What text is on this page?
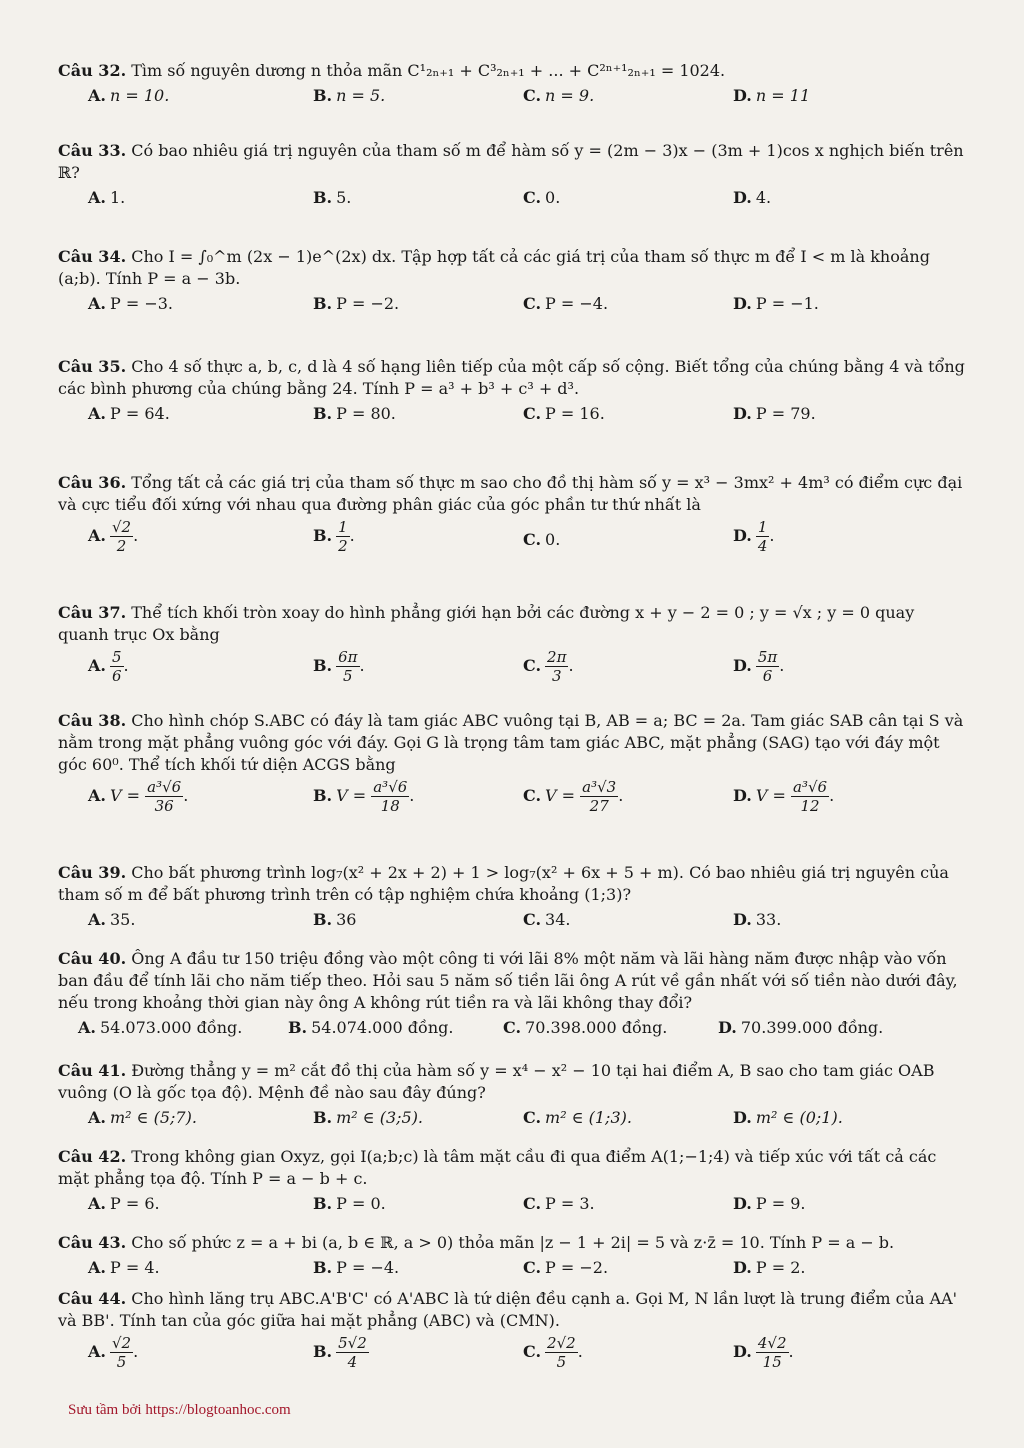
Câu 32. Tìm số nguyên dương n thỏa mãn C¹₂ₙ₊₁ + C³₂ₙ₊₁ + ... + C²ⁿ⁺¹₂ₙ₊₁ = 1024.
A. n = 10.	B. n = 5.	C. n = 9.	D. n = 11
Câu 33. Có bao nhiêu giá trị nguyên của tham số m để hàm số y = (2m − 3)x − (3m + 1)cos x nghịch biến trên ℝ?
A. 1.	B. 5.	C. 0.	D. 4.
Câu 34. Cho I = ∫₀^m (2x − 1)e^(2x) dx. Tập hợp tất cả các giá trị của tham số thực m để I < m là khoảng (a;b). Tính P = a − 3b.
A. P = −3.	B. P = −2.	C. P = −4.	D. P = −1.
Câu 35. Cho 4 số thực a, b, c, d là 4 số hạng liên tiếp của một cấp số cộng. Biết tổng của chúng bằng 4 và tổng các bình phương của chúng bằng 24. Tính P = a³ + b³ + c³ + d³.
A. P = 64.	B. P = 80.	C. P = 16.	D. P = 79.
Câu 36. Tổng tất cả các giá trị của tham số thực m sao cho đồ thị hàm số y = x³ − 3mx² + 4m³ có điểm cực đại và cực tiểu đối xứng với nhau qua đường phân giác của góc phần tư thứ nhất là
A. $\frac{√2}{2}$ .	B. $\frac{1}{2}$ .	C. 0.	D. $\frac{1}{4}$ .
Câu 37. Thể tích khối tròn xoay do hình phẳng giới hạn bởi các đường x + y − 2 = 0 ; y = √x ; y = 0 quay quanh trục Ox bằng
A. $\frac{5}{6}$ .	B. $\frac{6\pi}{5}$ .	C. $\frac{2\pi}{3}$ .	D. $\frac{5\pi}{6}$ .
Câu 38. Cho hình chóp S.ABC có đáy là tam giác ABC vuông tại B, AB = a; BC = 2a. Tam giác SAB cân tại S và nằm trong mặt phẳng vuông góc với đáy. Gọi G là trọng tâm tam giác ABC, mặt phẳng (SAG) tạo với đáy một góc 60⁰. Thể tích khối tứ diện ACGS bằng
A. $V = \frac{\text{a³√6}}{36}$ .	B. $V = \frac{\text{a³√6}}{18}$ .	C. $V = \frac{\text{a³√3}}{27}$ .	D. $V = \frac{\text{a³√6}}{12}$ .
Câu 39. Cho bất phương trình log₇(x² + 2x + 2) + 1 > log₇(x² + 6x + 5 + m). Có bao nhiêu giá trị nguyên của tham số m để bất phương trình trên có tập nghiệm chứa khoảng (1;3)?
A. 35.	B. 36	C. 34.	D. 33.
Câu 40. Ông A đầu tư 150 triệu đồng vào một công ti với lãi 8% một năm và lãi hàng năm được nhập vào vốn ban đầu để tính lãi cho năm tiếp theo. Hỏi sau 5 năm số tiền lãi ông A rút về gần nhất với số tiền nào dưới đây, nếu trong khoảng thời gian này ông A không rút tiền ra và lãi không thay đổi?
A. 54.073.000 đồng.	B. 54.074.000 đồng.	C. 70.398.000 đồng.	D. 70.399.000 đồng.
Câu 41. Đường thẳng y = m² cắt đồ thị của hàm số y = x⁴ − x² − 10 tại hai điểm A, B sao cho tam giác OAB vuông (O là gốc tọa độ). Mệnh đề nào sau đây đúng?
A. m² ∈ (5;7).	B. m² ∈ (3;5).	C. m² ∈ (1;3).	D. m² ∈ (0;1).
Câu 42. Trong không gian Oxyz, gọi I(a;b;c) là tâm mặt cầu đi qua điểm A(1;−1;4) và tiếp xúc với tất cả các mặt phẳng tọa độ. Tính P = a − b + c.
A. P = 6.	B. P = 0.	C. P = 3.	D. P = 9.
Câu 43. Cho số phức z = a + bi (a, b ∈ ℝ, a > 0) thỏa mãn |z − 1 + 2i| = 5 và z·z̄ = 10. Tính P = a − b.
A. P = 4.	B. P = −4.	C. P = −2.	D. P = 2.
Câu 44. Cho hình lăng trụ ABC.A'B'C' có A'ABC là tứ diện đều cạnh a. Gọi M, N lần lượt là trung điểm của AA' và BB'. Tính tan của góc giữa hai mặt phẳng (ABC) và (CMN).
A. $\frac{√2}{5}$ .	B. $\frac{5√2}{4}$	C. $\frac{2√2}{5}$ .	D. $\frac{4√2}{15}$ .
Sưu tầm bởi https://blogtoanhoc.com
